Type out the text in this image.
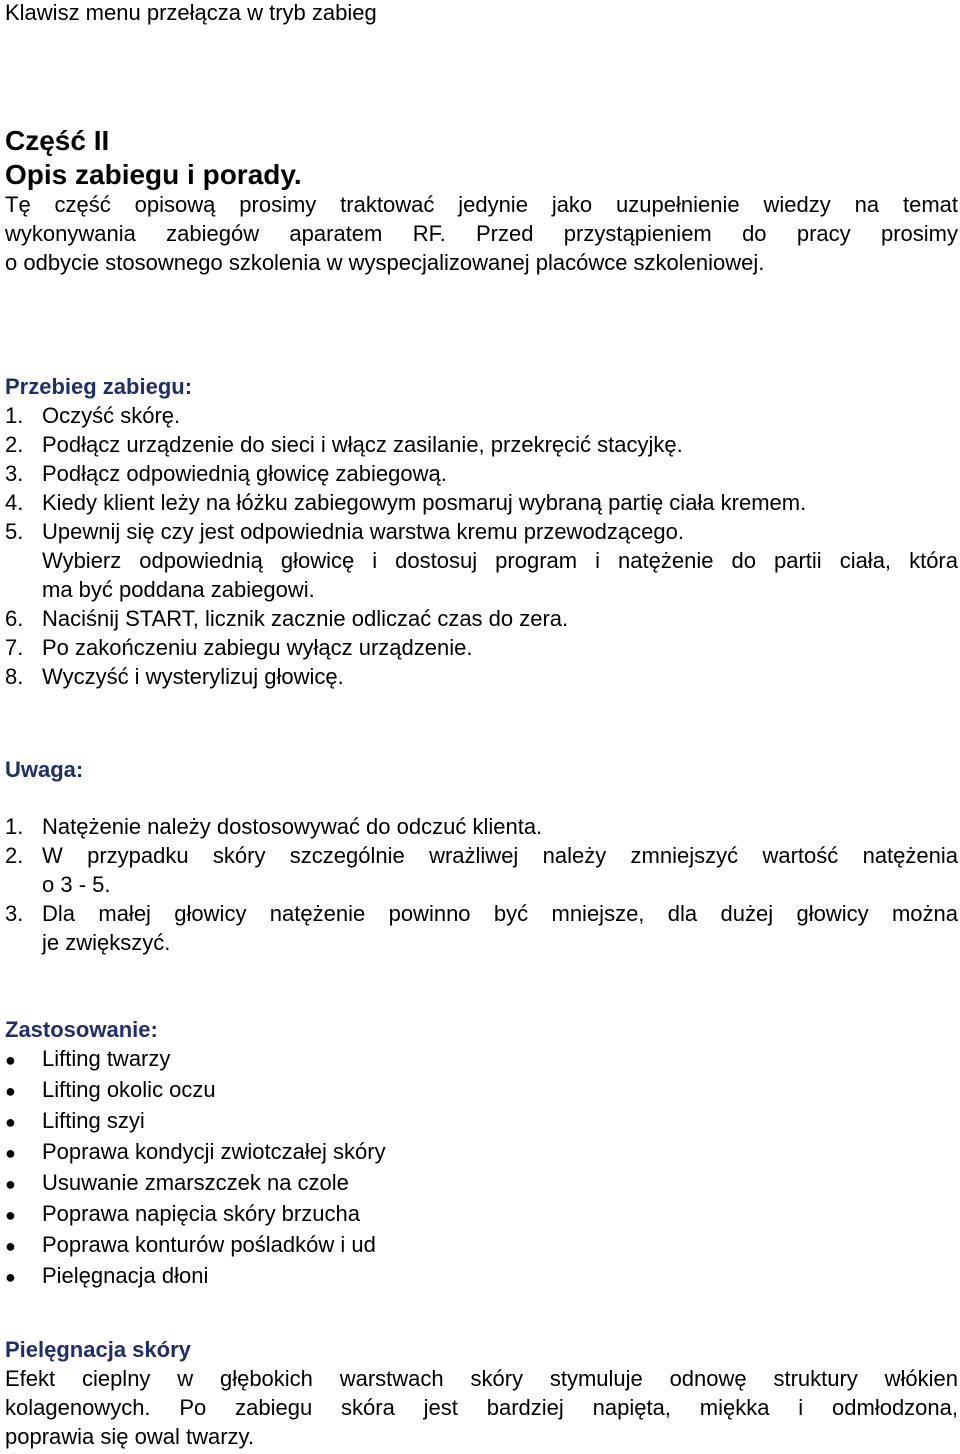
Klawisz menu przełącza w tryb zabieg

Część II
Opis zabiegu i porady.
Tę część opisową prosimy traktować jedynie jako uzupełnienie wiedzy na temat
wykonywania zabiegów aparatem RF. Przed przystąpieniem do pracy prosimy
o odbycie stosownego szkolenia w wyspecjalizowanej placówce szkoleniowej.
Przebieg zabiegu:
1. Oczyść skórę.
2. Podłącz urządzenie do sieci i włącz zasilanie, przekręcić stacyjkę.
3. Podłącz odpowiednią głowicę zabiegową.
4. Kiedy klient leży na łóżku zabiegowym posmaruj wybraną partię ciała kremem.
5. Upewnij się czy jest odpowiednia warstwa kremu przewodzącego.
Wybierz odpowiednią głowicę i dostosuj program i natężenie do partii ciała, która
ma być poddana zabiegowi.
6. Naciśnij START, licznik zacznie odliczać czas do zera.
7. Po zakończeniu zabiegu wyłącz urządzenie.
8. Wyczyść i wysterylizuj głowicę.
Uwaga:
1. Natężenie należy dostosowywać do odczuć klienta.
2. W przypadku skóry szczególnie wrażliwej należy zmniejszyć wartość natężenia
o 3 - 5.
3. Dla małej głowicy natężenie powinno być mniejsze, dla dużej głowicy można
je zwiększyć.
Zastosowanie:
●	Lifting twarzy
●	Lifting okolic oczu
●	Lifting szyi
●	Poprawa kondycji zwiotczałej skóry
●	Usuwanie zmarszczek na czole
●	Poprawa napięcia skóry brzucha
●	Poprawa konturów pośladków i ud
●	Pielęgnacja dłoni
Pielęgnacja skóry
Efekt cieplny w głębokich warstwach skóry stymuluje odnowę struktury włókien
kolagenowych. Po zabiegu skóra jest bardziej napięta, miękka i odmłodzona,
poprawia się owal twarzy.
